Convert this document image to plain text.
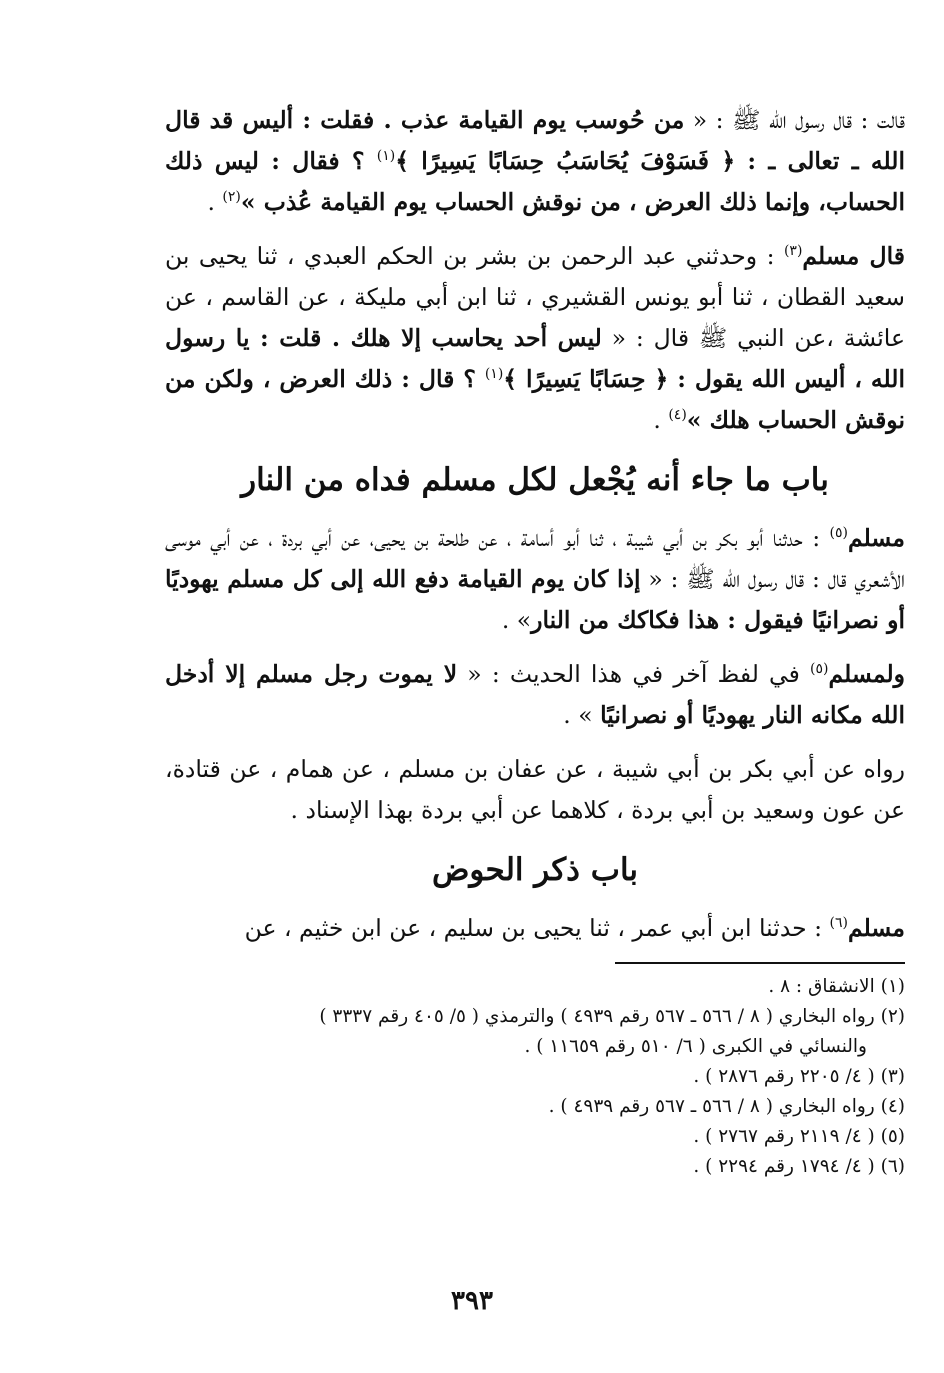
قالت : قال رسول الله ﷺ : « من حُوسب يوم القيامة عذب . فقلت : أليس قد قال الله ـ تعالى ـ : ﴿ فَسَوْفَ يُحَاسَبُ حِسَابًا يَسِيرًا ﴾$^{(١)}$ ؟ فقال : ليس ذلك الحساب، وإنما ذلك العرض ، من نوقش الحساب يوم القيامة عُذب »$^{(٢)}$ .

قال مسلم$^{(٣)}$ : وحدثني عبد الرحمن بن بشر بن الحكم العبدي ، ثنا يحيى بن سعيد القطان ، ثنا أبو يونس القشيري ، ثنا ابن أبي مليكة ، عن القاسم ، عن عائشة ،عن النبي ﷺ قال : « ليس أحد يحاسب إلا هلك . قلت : يا رسول الله ، أليس الله يقول : ﴿ حِسَابًا يَسِيرًا ﴾$^{(١)}$ ؟ قال : ذلك العرض ، ولكن من نوقش الحساب هلك »$^{(٤)}$ .

باب ما جاء أنه يُجْعل لكل مسلم فداه من النار

مسلم$^{(٥)}$ : حدثنا أبو بكر بن أبي شيبة ، ثنا أبو أسامة ، عن طلحة بن يحيى، عن أبي بردة ، عن أبي موسى الأشعري قال : قال رسول الله ﷺ : « إذا كان يوم القيامة دفع الله إلى كل مسلم يهوديًا أو نصرانيًا فيقول : هذا فكاكك من النار» .

ولمسلم$^{(٥)}$ في لفظ آخر في هذا الحديث : « لا يموت رجل مسلم إلا أدخل الله مكانه النار يهوديًا أو نصرانيًا » .

رواه عن أبي بكر بن أبي شيبة ، عن عفان بن مسلم ، عن همام ، عن قتادة، عن عون وسعيد بن أبي بردة ، كلاهما عن أبي بردة بهذا الإسناد .

باب ذكر الحوض

مسلم$^{(٦)}$ : حدثنا ابن أبي عمر ، ثنا يحيى بن سليم ، عن ابن خثيم ، عن

(١) الانشقاق : ٨ .

(٢) رواه البخاري ( ٨ / ٥٦٦ ـ ٥٦٧ رقم ٤٩٣٩ ) والترمذي ( ٥/ ٤٠٥ رقم ٣٣٣٧ )

والنسائي في الكبرى ( ٦/ ٥١٠ رقم ١١٦٥٩ ) .

(٣) ( ٤/ ٢٢٠٥ رقم ٢٨٧٦ ) .

(٤) رواه البخاري ( ٨ / ٥٦٦ ـ ٥٦٧ رقم ٤٩٣٩ ) .

(٥) ( ٤/ ٢١١٩ رقم ٢٧٦٧ ) .

(٦) ( ٤/ ١٧٩٤ رقم ٢٢٩٤ ) .

٣٩٣
